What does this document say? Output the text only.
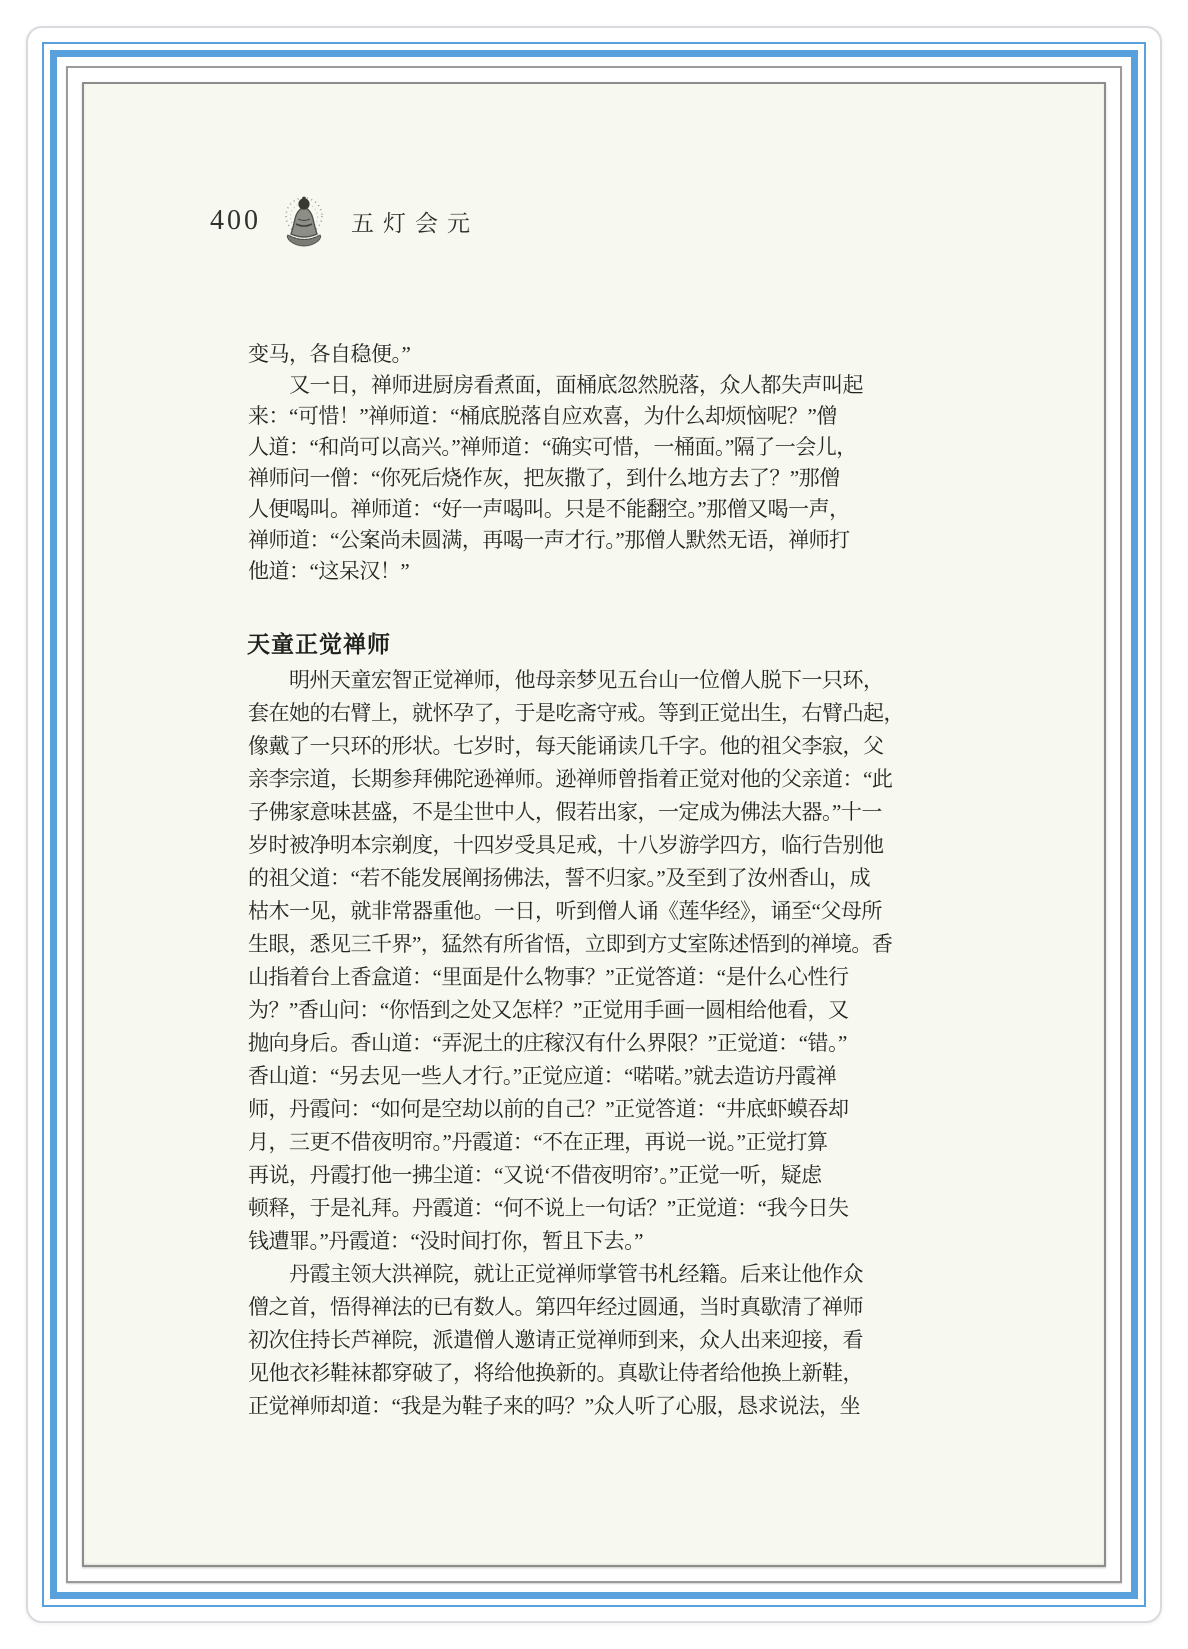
400	五灯会元
变马，各自稳便。”
　　又一日，禅师进厨房看煮面，面桶底忽然脱落，众人都失声叫起
来：“可惜！”禅师道：“桶底脱落自应欢喜，为什么却烦恼呢？”僧
人道：“和尚可以高兴。”禅师道：“确实可惜，一桶面。”隔了一会儿，
禅师问一僧：“你死后烧作灰，把灰撒了，到什么地方去了？”那僧
人便喝叫。禅师道：“好一声喝叫。只是不能翻空。”那僧又喝一声，
禅师道：“公案尚未圆满，再喝一声才行。”那僧人默然无语，禅师打
他道：“这呆汉！”
天童正觉禅师
　　明州天童宏智正觉禅师，他母亲梦见五台山一位僧人脱下一只环，
套在她的右臂上，就怀孕了，于是吃斋守戒。等到正觉出生，右臂凸起，
像戴了一只环的形状。七岁时，每天能诵读几千字。他的祖父李寂，父
亲李宗道，长期参拜佛陀逊禅师。逊禅师曾指着正觉对他的父亲道：“此
子佛家意味甚盛，不是尘世中人，假若出家，一定成为佛法大器。”十一
岁时被净明本宗剃度，十四岁受具足戒，十八岁游学四方，临行告别他
的祖父道：“若不能发展阐扬佛法，誓不归家。”及至到了汝州香山，成
枯木一见，就非常器重他。一日，听到僧人诵《莲华经》，诵至“父母所
生眼，悉见三千界”，猛然有所省悟，立即到方丈室陈述悟到的禅境。香
山指着台上香盒道：“里面是什么物事？”正觉答道：“是什么心性行
为？”香山问：“你悟到之处又怎样？”正觉用手画一圆相给他看，又
抛向身后。香山道：“弄泥土的庄稼汉有什么界限？”正觉道：“错。”
香山道：“另去见一些人才行。”正觉应道：“喏喏。”就去造访丹霞禅
师，丹霞问：“如何是空劫以前的自己？”正觉答道：“井底虾蟆吞却
月，三更不借夜明帘。”丹霞道：“不在正理，再说一说。”正觉打算
再说，丹霞打他一拂尘道：“又说‘不借夜明帘’。”正觉一听，疑虑
顿释，于是礼拜。丹霞道：“何不说上一句话？”正觉道：“我今日失
钱遭罪。”丹霞道：“没时间打你，暂且下去。”
　　丹霞主领大洪禅院，就让正觉禅师掌管书札经籍。后来让他作众
僧之首，悟得禅法的已有数人。第四年经过圆通，当时真歇清了禅师
初次住持长芦禅院，派遣僧人邀请正觉禅师到来，众人出来迎接，看
见他衣衫鞋袜都穿破了，将给他换新的。真歇让侍者给他换上新鞋，
正觉禅师却道：“我是为鞋子来的吗？”众人听了心服，恳求说法，坐
